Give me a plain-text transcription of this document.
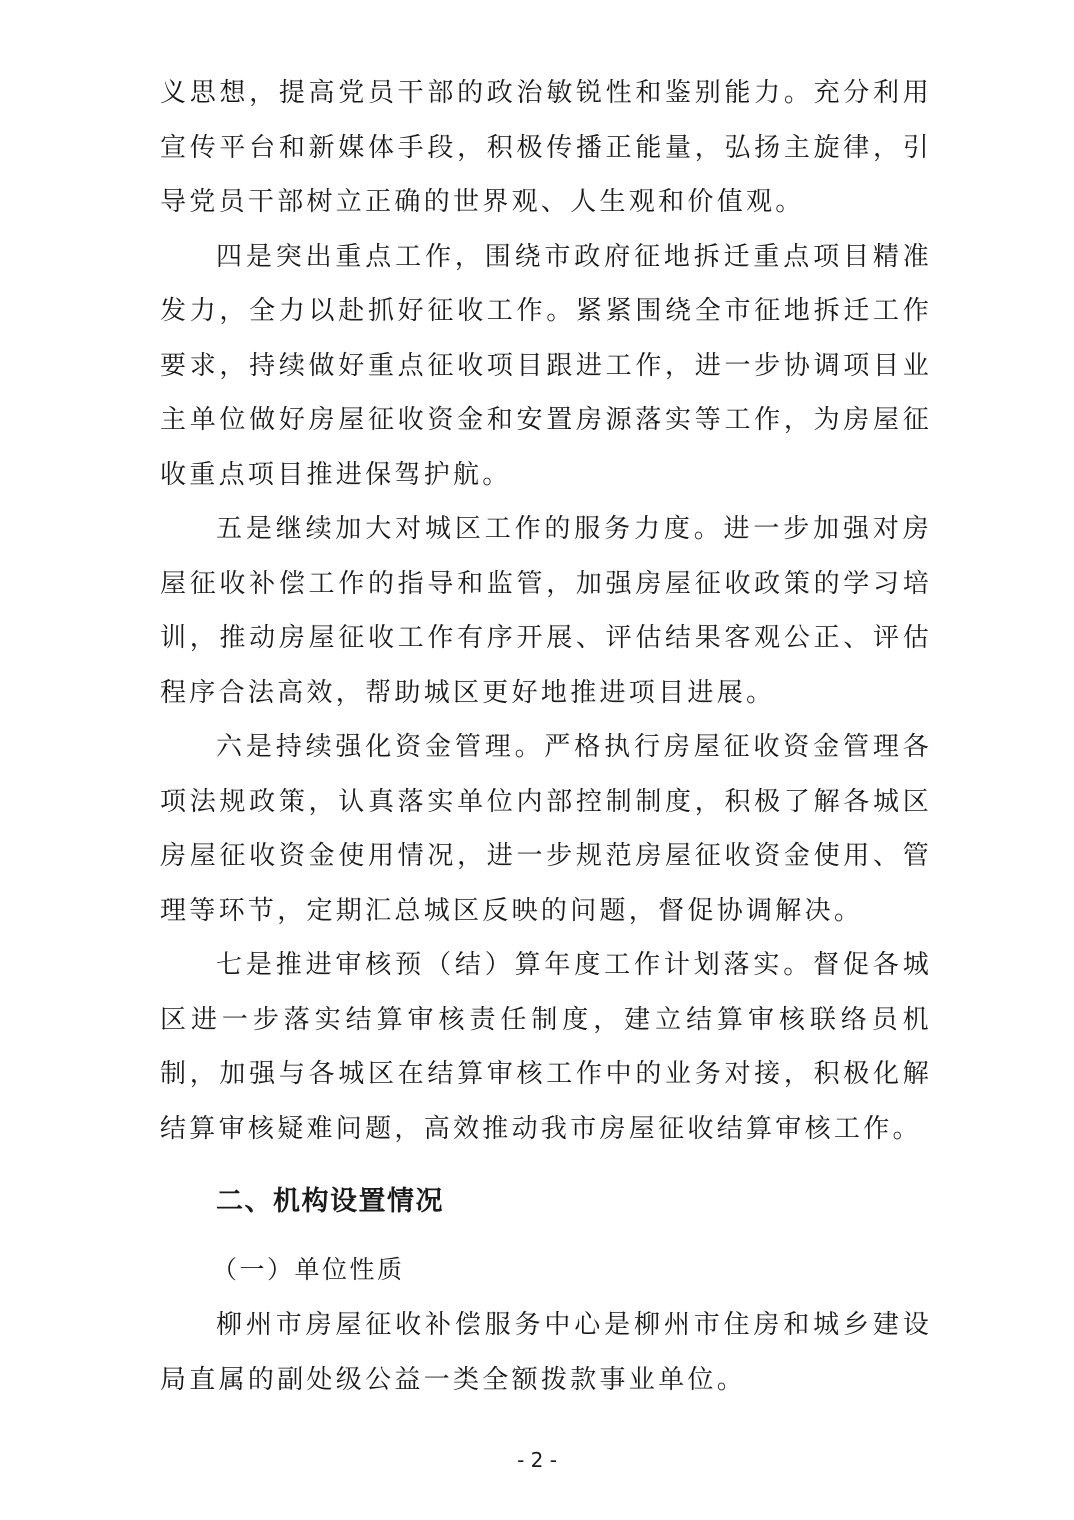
义思想，提高党员干部的政治敏锐性和鉴别能力。充分利用宣传平台和新媒体手段，积极传播正能量，弘扬主旋律，引导党员干部树立正确的世界观、人生观和价值观。

四是突出重点工作，围绕市政府征地拆迁重点项目精准发力，全力以赴抓好征收工作。紧紧围绕全市征地拆迁工作要求，持续做好重点征收项目跟进工作，进一步协调项目业主单位做好房屋征收资金和安置房源落实等工作，为房屋征收重点项目推进保驾护航。

五是继续加大对城区工作的服务力度。进一步加强对房屋征收补偿工作的指导和监管，加强房屋征收政策的学习培训，推动房屋征收工作有序开展、评估结果客观公正、评估程序合法高效，帮助城区更好地推进项目进展。

六是持续强化资金管理。严格执行房屋征收资金管理各项法规政策，认真落实单位内部控制制度，积极了解各城区房屋征收资金使用情况，进一步规范房屋征收资金使用、管理等环节，定期汇总城区反映的问题，督促协调解决。

七是推进审核预（结）算年度工作计划落实。督促各城区进一步落实结算审核责任制度，建立结算审核联络员机制，加强与各城区在结算审核工作中的业务对接，积极化解结算审核疑难问题，高效推动我市房屋征收结算审核工作。

二、机构设置情况

（一）单位性质

柳州市房屋征收补偿服务中心是柳州市住房和城乡建设局直属的副处级公益一类全额拨款事业单位。

- 2 -
